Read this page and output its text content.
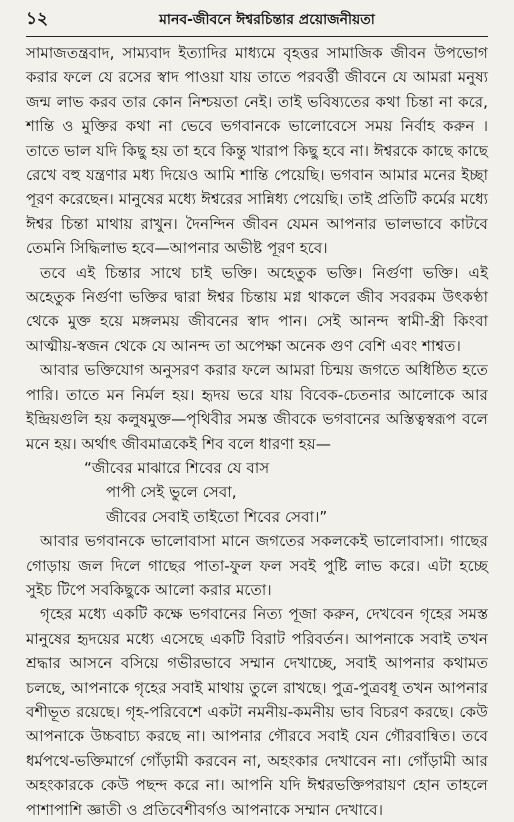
১২	মানব-জীবনে ঈশ্বরচিন্তার প্রয়োজনীয়তা

সামাজতন্ত্রবাদ, সাম্যবাদ ইত্যাদির মাধ্যমে বৃহত্তর সামাজিক জীবন উপভোগ করার ফলে যে রসের স্বাদ পাওয়া যায় তাতে পরবর্ত্তী জীবনে যে আমরা মনুষ্য জন্ম লাভ করব তার কোন নিশ্চয়তা নেই। তাই ভবিষ্যতের কথা চিন্তা না করে, শান্তি ও মুক্তির কথা না ভেবে ভগবানকে ভালোবেসে সময় নির্বাহ করুন । তাতে ভাল যদি কিছু হয় তা হবে কিন্তু খারাপ কিছু হবে না। ঈশ্বরকে কাছে কাছে রেখে বহু যন্ত্রণার মধ্য দিয়েও আমি শান্তি পেয়েছি। ভগবান আমার মনের ইচ্ছা পূরণ করেছেন। মানুষের মধ্যে ঈশ্বরের সান্নিধ্য পেয়েছি। তাই প্রতিটি কর্মের মধ্যে ঈশ্বর চিন্তা মাথায় রাখুন। দৈনন্দিন জীবন যেমন আপনার ভালভাবে কাটবে তেমনি সিদ্ধিলাভ হবে—আপনার অভীষ্ট পূরণ হবে।

তবে এই চিন্তার সাথে চাই ভক্তি। অহেতুক ভক্তি। নির্গুণা ভক্তি। এই অহেতুক নির্গুণা ভক্তির দ্বারা ঈশ্বর চিন্তায় মগ্ন থাকলে জীব সবরকম উৎকণ্ঠা থেকে মুক্ত হয়ে মঙ্গলময় জীবনের স্বাদ পান। সেই আনন্দ স্বামী-স্ত্রী কিংবা আত্মীয়-স্বজন থেকে যে আনন্দ তা অপেক্ষা অনেক গুণ বেশি এবং শাশ্বত।

আবার ভক্তিযোগ অনুসরণ করার ফলে আমরা চিন্ময় জগতে অধিষ্ঠিত হতে পারি। তাতে মন নির্মল হয়। হৃদয় ভরে যায় বিবেক-চেতনার আলোকে আর ইন্দ্রিয়গুলি হয় কলুষমুক্ত—পৃথিবীর সমস্ত জীবকে ভগবানের অস্তিত্বস্বরূপ বলে মনে হয়। অর্থাৎ জীবমাত্রকেই শিব বলে ধারণা হয়—

“জীবের মাঝারে শিবের যে বাস
পাপী সেই ভুলে সেবা,
জীবের সেবাই তাইতো শিবের সেবা।”

আবার ভগবানকে ভালোবাসা মানে জগতের সকলকেই ভালোবাসা। গাছের গোড়ায় জল দিলে গাছের পাতা-ফুল ফল সবই পুষ্টি লাভ করে। এটা হচ্ছে সুইচ টিপে সবকিছুকে আলো করার মতো।

গৃহের মধ্যে একটি কক্ষে ভগবানের নিত্য পূজা করুন, দেখবেন গৃহের সমস্ত মানুষের হৃদয়ের মধ্যে এসেছে একটি বিরাট পরিবর্তন। আপনাকে সবাই তখন শ্রদ্ধার আসনে বসিয়ে গভীরভাবে সম্মান দেখাচ্ছে, সবাই আপনার কথামত চলছে, আপনাকে গৃহের সবাই মাথায় তুলে রাখছে। পুত্র-পুত্রবধূ তখন আপনার বশীভূত রয়েছে। গৃহ-পরিবেশে একটা নমনীয়-কমনীয় ভাব বিচরণ করছে। কেউ আপনাকে উচ্চবাচ্য করছে না। আপনার গৌরবে সবাই যেন গৌরবান্বিত। তবে ধর্মপথে-ভক্তিমার্গে গোঁড়ামী করবেন না, অহংকার দেখাবেন না। গোঁড়ামী আর অহংকারকে কেউ পছন্দ করে না। আপনি যদি ঈশ্বরভক্তিপরায়ণ হোন তাহলে পাশাপাশি জ্ঞাতী ও প্রতিবেশীবর্গও আপনাকে সম্মান দেখাবে।
